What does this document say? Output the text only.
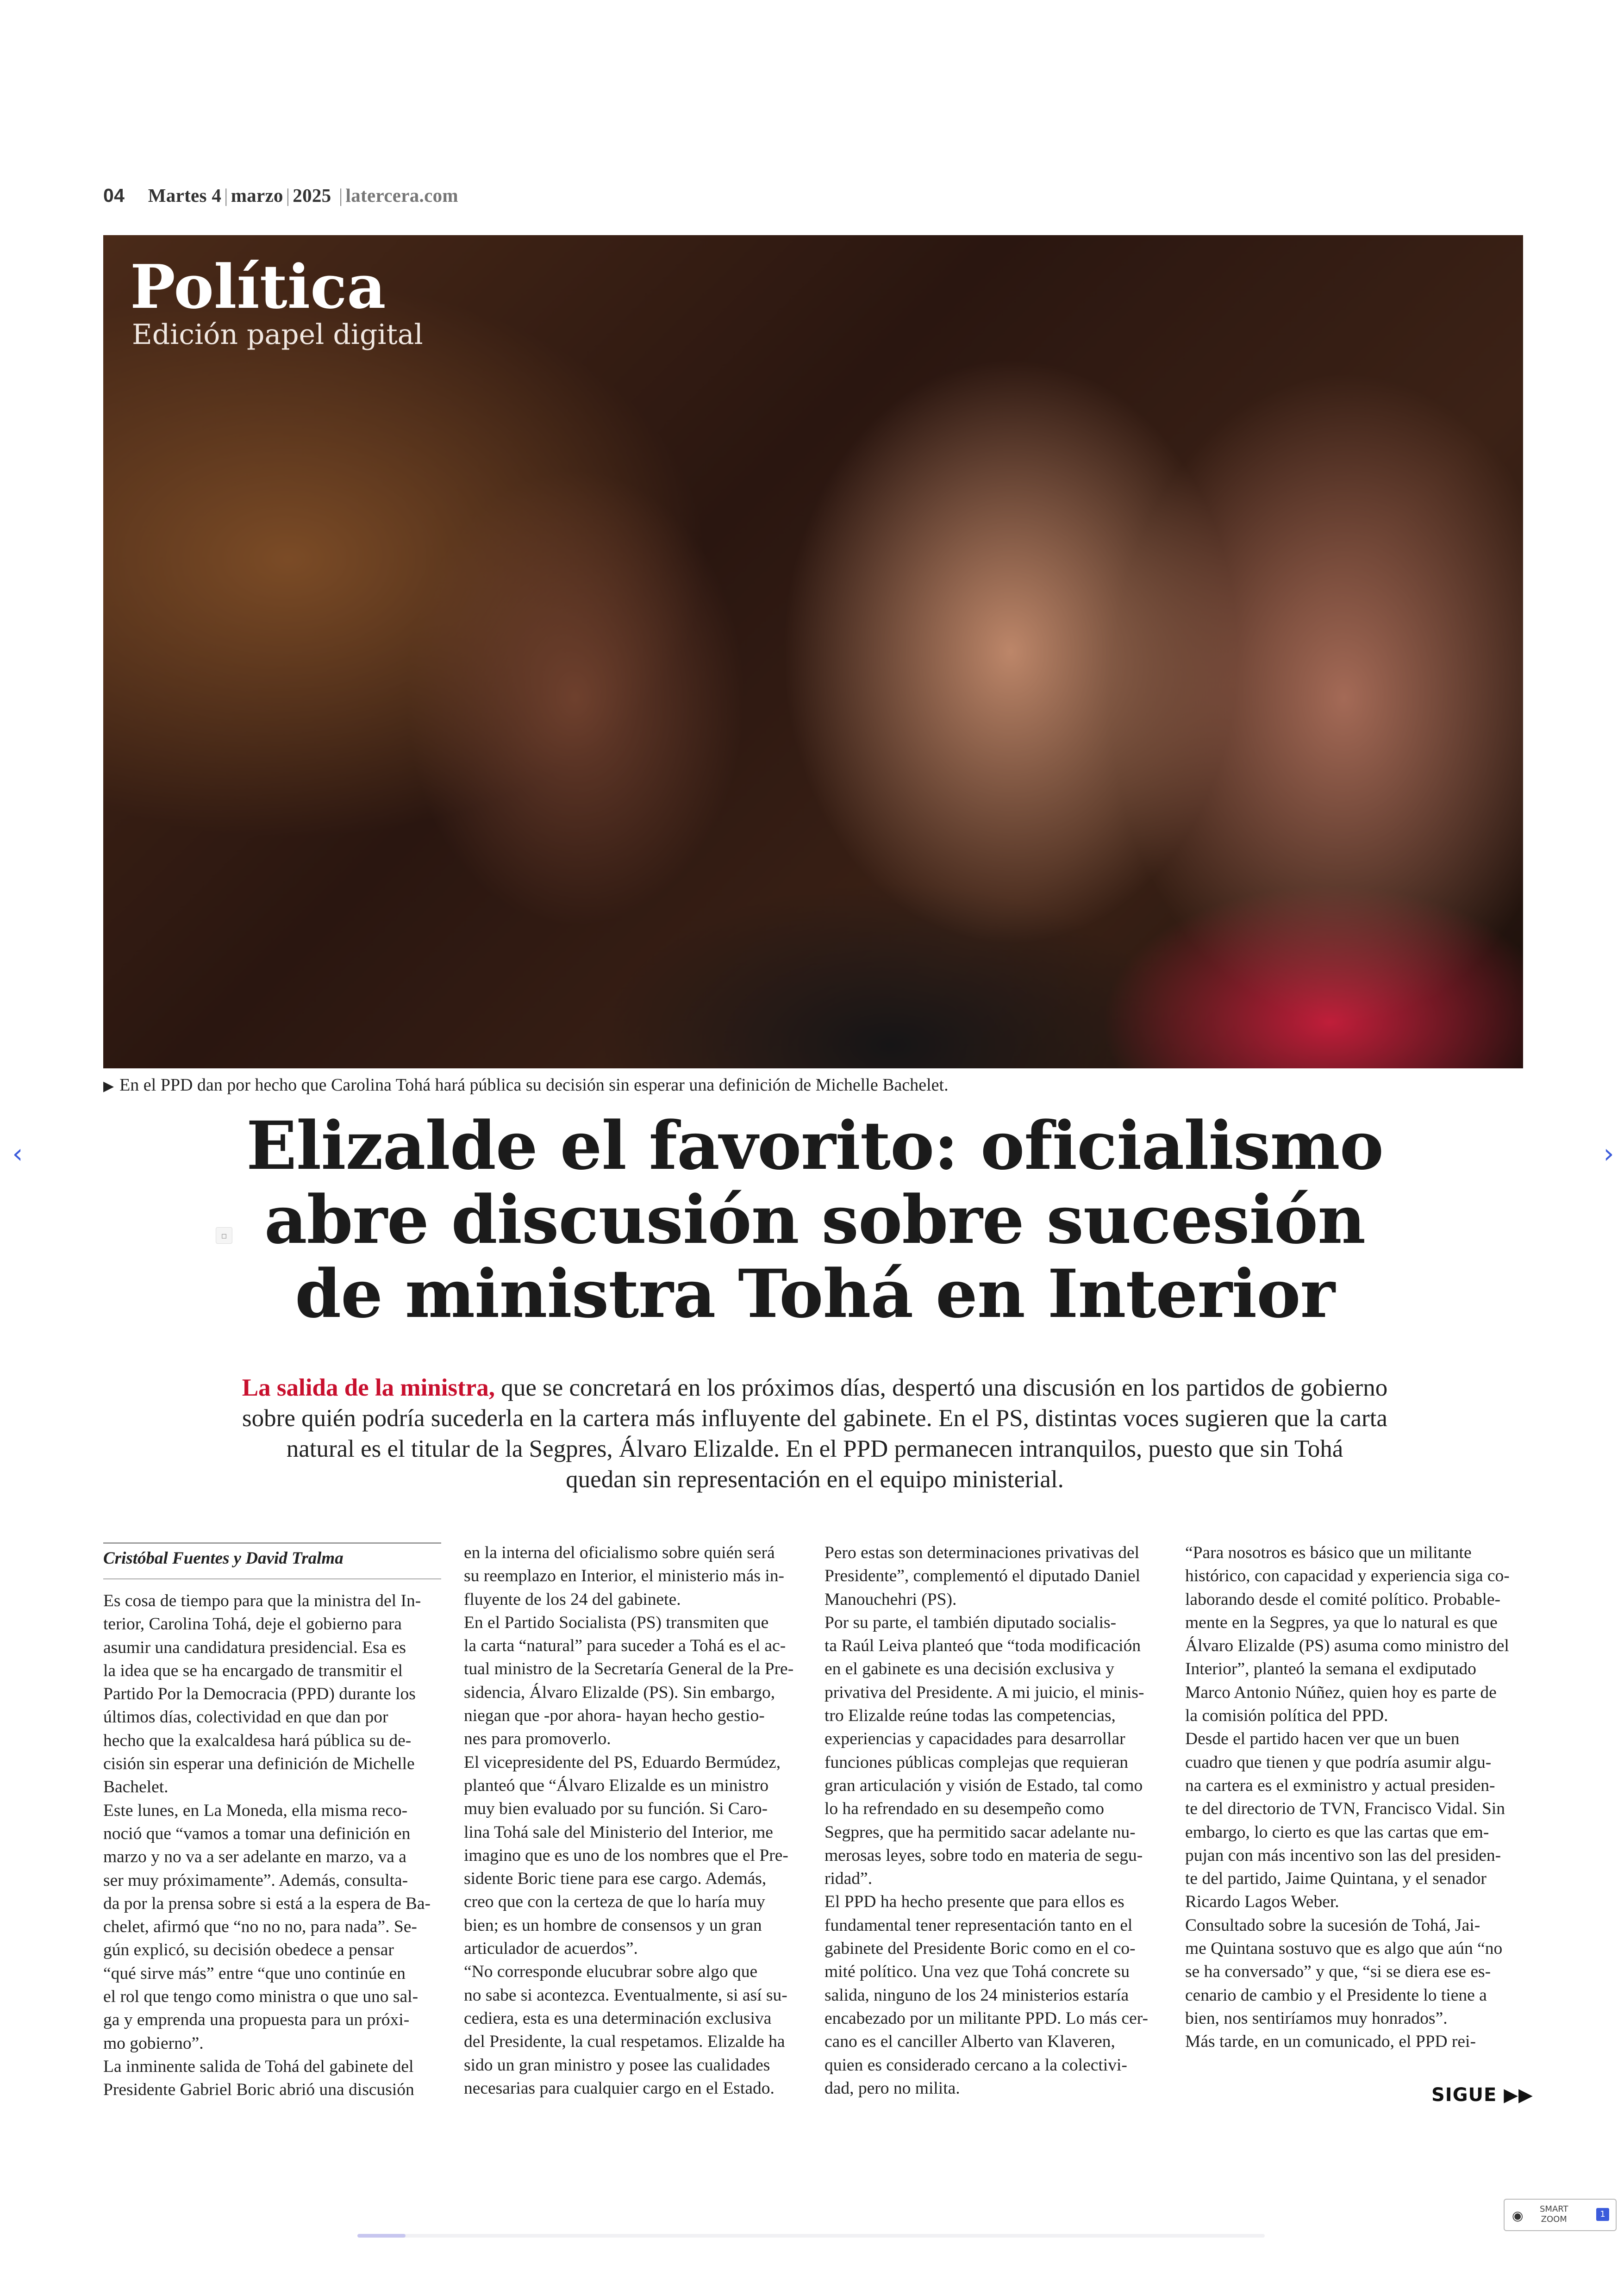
04 Martes 4 | marzo | 2025 | latercera.com
Política
Edición papel digital
▶ En el PPD dan por hecho que Carolina Tohá hará pública su decisión sin esperar una definición de Michelle Bachelet.
‹	›
▫
Elizalde el favorito: oficialismo
abre discusión sobre sucesión
de ministra Tohá en Interior
La salida de la ministra, que se concretará en los próximos días, despertó una discusión en los partidos de gobierno
sobre quién podría sucederla en la cartera más influyente del gabinete. En el PS, distintas voces sugieren que la carta
natural es el titular de la Segpres, Álvaro Elizalde. En el PPD permanecen intranquilos, puesto que sin Tohá
quedan sin representación en el equipo ministerial.
Cristóbal Fuentes y David Tralma
Es cosa de tiempo para que la ministra del In-
terior, Carolina Tohá, deje el gobierno para
asumir una candidatura presidencial. Esa es
la idea que se ha encargado de transmitir el
Partido Por la Democracia (PPD) durante los
últimos días, colectividad en que dan por
hecho que la exalcaldesa hará pública su de-
cisión sin esperar una definición de Michelle
Bachelet.
Este lunes, en La Moneda, ella misma reco-
noció que “vamos a tomar una definición en
marzo y no va a ser adelante en marzo, va a
ser muy próximamente”. Además, consulta-
da por la prensa sobre si está a la espera de Ba-
chelet, afirmó que “no no no, para nada”. Se-
gún explicó, su decisión obedece a pensar
“qué sirve más” entre “que uno continúe en
el rol que tengo como ministra o que uno sal-
ga y emprenda una propuesta para un próxi-
mo gobierno”.
La inminente salida de Tohá del gabinete del
Presidente Gabriel Boric abrió una discusión
en la interna del oficialismo sobre quién será
su reemplazo en Interior, el ministerio más in-
fluyente de los 24 del gabinete.
En el Partido Socialista (PS) transmiten que
la carta “natural” para suceder a Tohá es el ac-
tual ministro de la Secretaría General de la Pre-
sidencia, Álvaro Elizalde (PS). Sin embargo,
niegan que -por ahora- hayan hecho gestio-
nes para promoverlo.
El vicepresidente del PS, Eduardo Bermúdez,
planteó que “Álvaro Elizalde es un ministro
muy bien evaluado por su función. Si Caro-
lina Tohá sale del Ministerio del Interior, me
imagino que es uno de los nombres que el Pre-
sidente Boric tiene para ese cargo. Además,
creo que con la certeza de que lo haría muy
bien; es un hombre de consensos y un gran
articulador de acuerdos”.
“No corresponde elucubrar sobre algo que
no sabe si acontezca. Eventualmente, si así su-
cediera, esta es una determinación exclusiva
del Presidente, la cual respetamos. Elizalde ha
sido un gran ministro y posee las cualidades
necesarias para cualquier cargo en el Estado.
Pero estas son determinaciones privativas del
Presidente”, complementó el diputado Daniel
Manouchehri (PS).
Por su parte, el también diputado socialis-
ta Raúl Leiva planteó que “toda modificación
en el gabinete es una decisión exclusiva y
privativa del Presidente. A mi juicio, el minis-
tro Elizalde reúne todas las competencias,
experiencias y capacidades para desarrollar
funciones públicas complejas que requieran
gran articulación y visión de Estado, tal como
lo ha refrendado en su desempeño como
Segpres, que ha permitido sacar adelante nu-
merosas leyes, sobre todo en materia de segu-
ridad”.
El PPD ha hecho presente que para ellos es
fundamental tener representación tanto en el
gabinete del Presidente Boric como en el co-
mité político. Una vez que Tohá concrete su
salida, ninguno de los 24 ministerios estaría
encabezado por un militante PPD. Lo más cer-
cano es el canciller Alberto van Klaveren,
quien es considerado cercano a la colectivi-
dad, pero no milita.
“Para nosotros es básico que un militante
histórico, con capacidad y experiencia siga co-
laborando desde el comité político. Probable-
mente en la Segpres, ya que lo natural es que
Álvaro Elizalde (PS) asuma como ministro del
Interior”, planteó la semana el exdiputado
Marco Antonio Núñez, quien hoy es parte de
la comisión política del PPD.
Desde el partido hacen ver que un buen
cuadro que tienen y que podría asumir algu-
na cartera es el exministro y actual presiden-
te del directorio de TVN, Francisco Vidal. Sin
embargo, lo cierto es que las cartas que em-
pujan con más incentivo son las del presiden-
te del partido, Jaime Quintana, y el senador
Ricardo Lagos Weber.
Consultado sobre la sucesión de Tohá, Jai-
me Quintana sostuvo que es algo que aún “no
se ha conversado” y que, “si se diera ese es-
cenario de cambio y el Presidente lo tiene a
bien, nos sentiríamos muy honrados”.
Más tarde, en un comunicado, el PPD rei-
SIGUE ▶▶
◉ SMART
ZOOM
1
